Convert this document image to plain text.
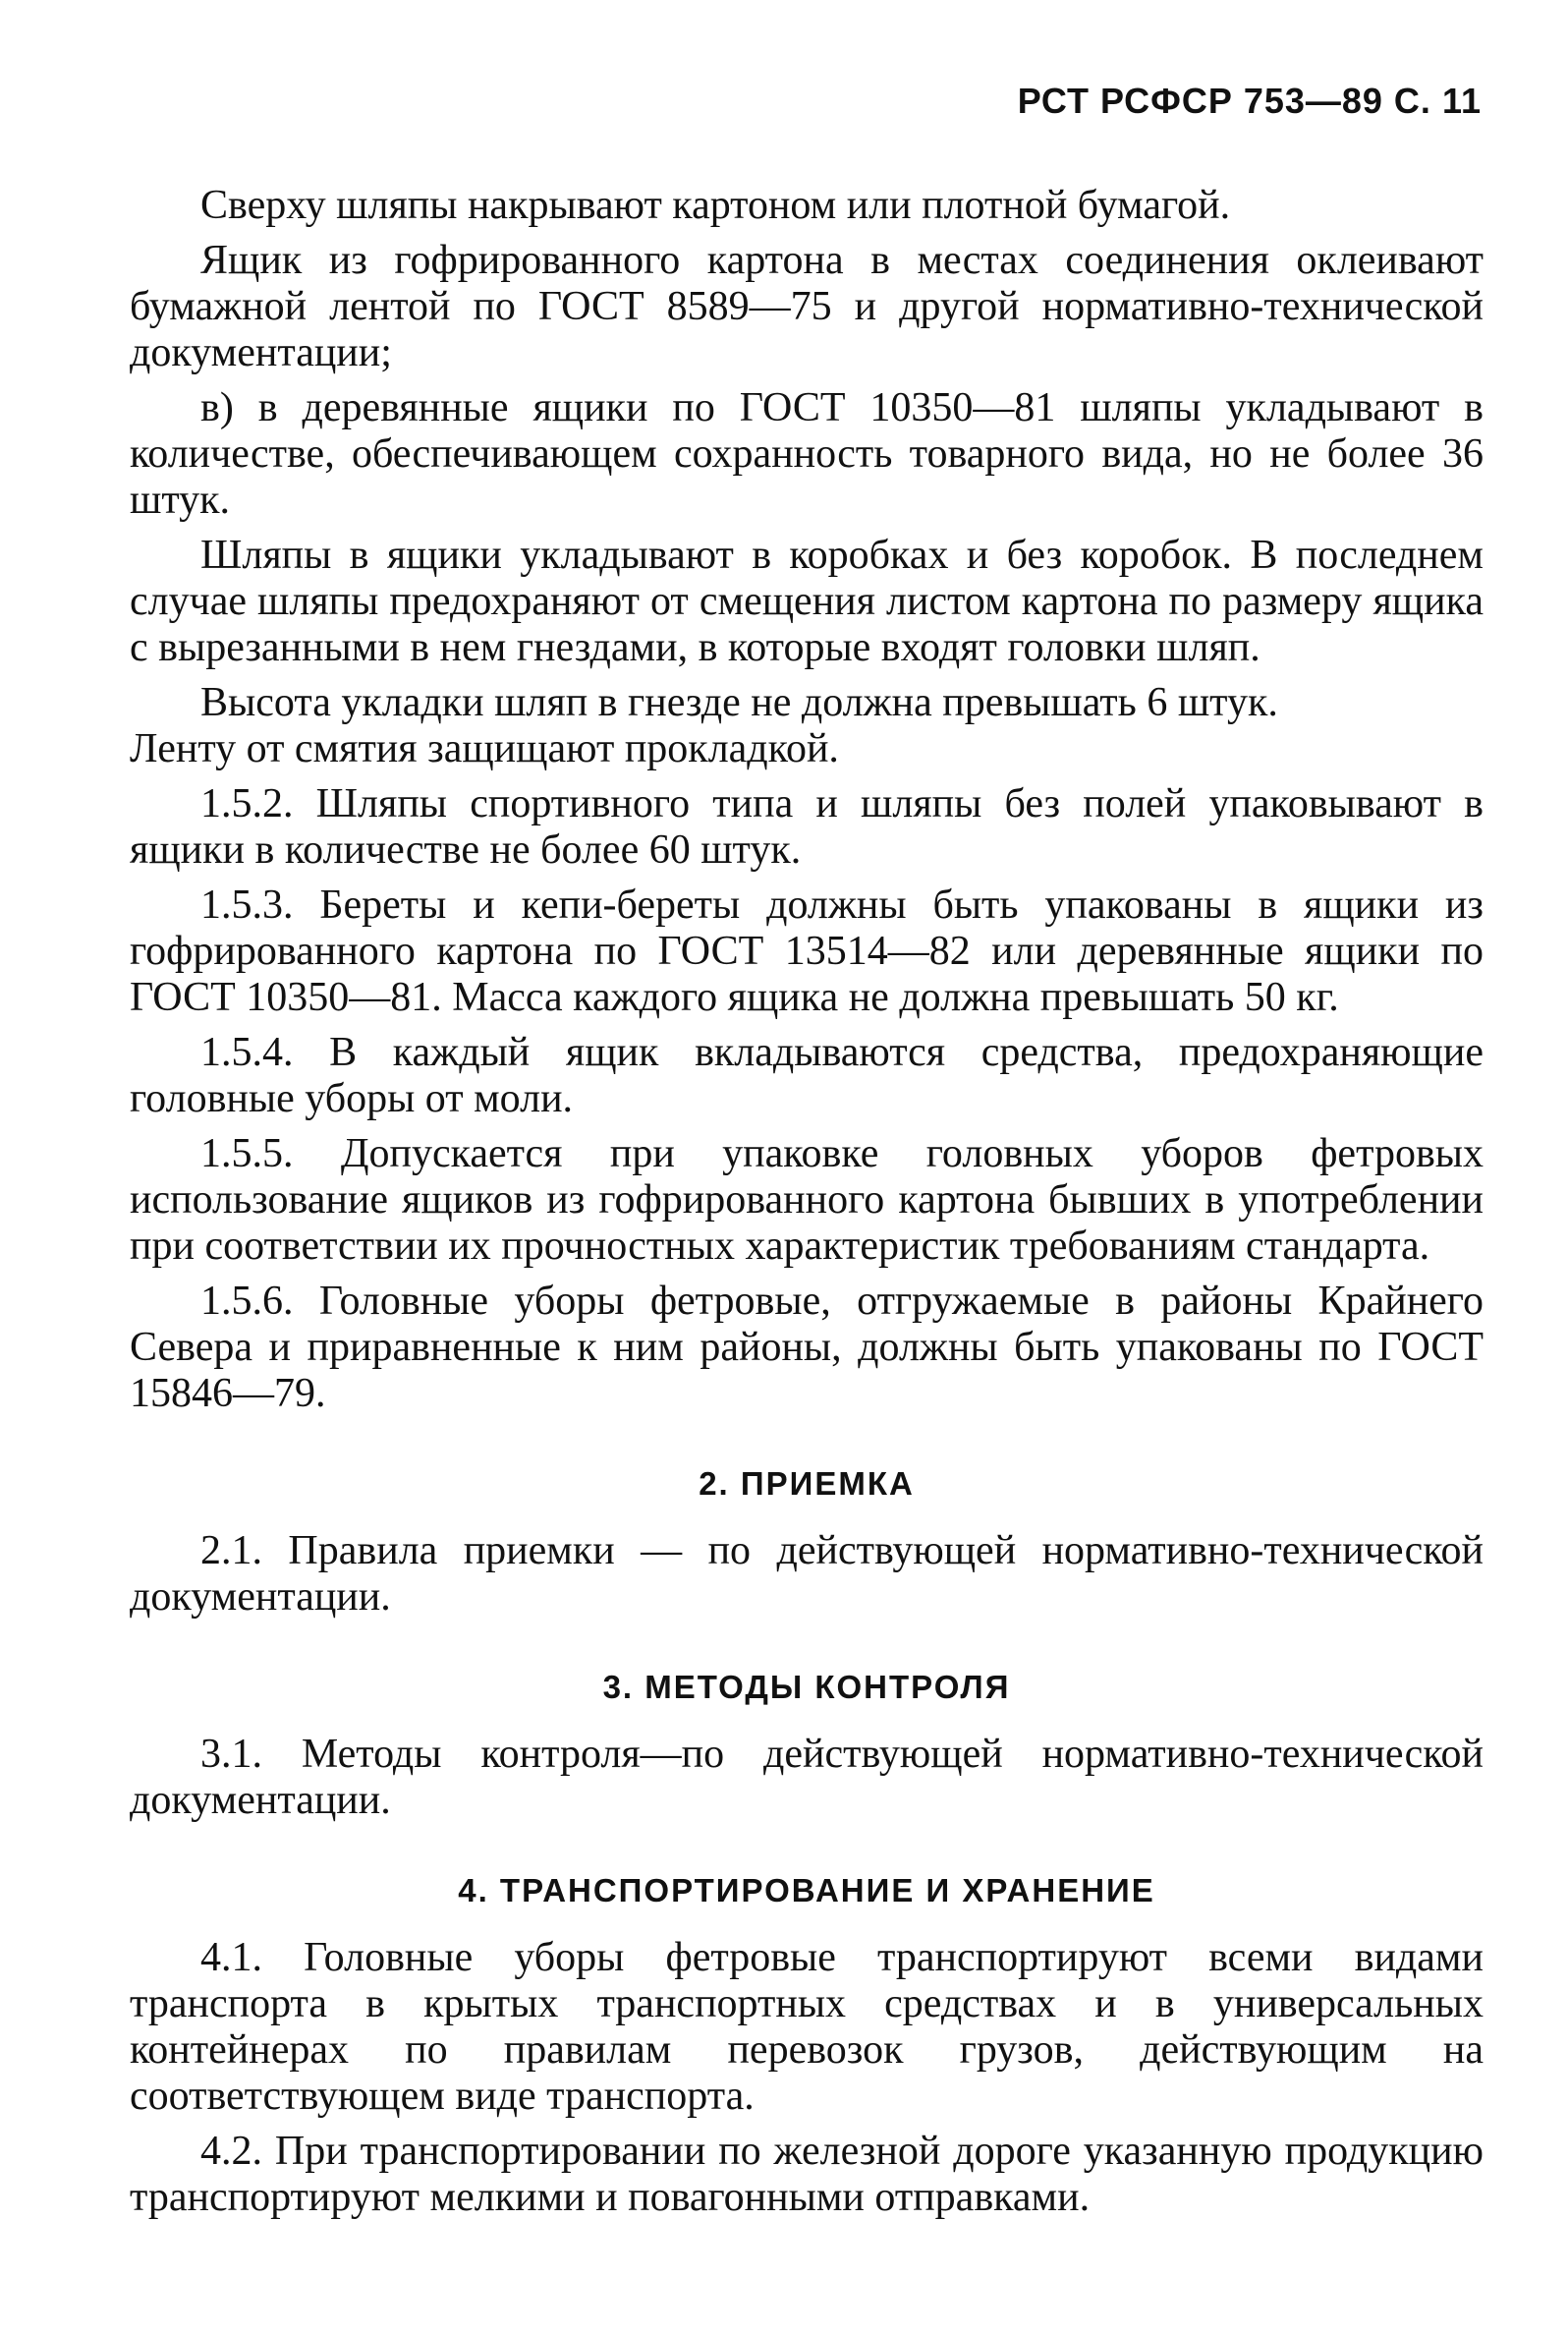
РСТ РСФСР 753—89 С. 11

Сверху шляпы накрывают картоном или плотной бумагой.

Ящик из гофрированного картона в местах соединения оклеивают бумажной лентой по ГОСТ 8589—75 и другой нормативно-технической документации;

в) в деревянные ящики по ГОСТ 10350—81 шляпы укладывают в количестве, обеспечивающем сохранность товарного вида, но не более 36 штук.

Шляпы в ящики укладывают в коробках и без коробок. В последнем случае шляпы предохраняют от смещения листом картона по размеру ящика с вырезанными в нем гнездами, в которые входят головки шляп.

Высота укладки шляп в гнезде не должна превышать 6 штук.

Ленту от смятия защищают прокладкой.

1.5.2. Шляпы спортивного типа и шляпы без полей упаковывают в ящики в количестве не более 60 штук.

1.5.3. Береты и кепи-береты должны быть упакованы в ящики из гофрированного картона по ГОСТ 13514—82 или деревянные ящики по ГОСТ 10350—81. Масса каждого ящика не должна превышать 50 кг.

1.5.4. В каждый ящик вкладываются средства, предохраняющие головные уборы от моли.

1.5.5. Допускается при упаковке головных уборов фетровых использование ящиков из гофрированного картона бывших в употреблении при соответствии их прочностных характеристик требованиям стандарта.

1.5.6. Головные уборы фетровые, отгружаемые в районы Крайнего Севера и приравненные к ним районы, должны быть упакованы по ГОСТ 15846—79.

2. ПРИЕМКА

2.1. Правила приемки — по действующей нормативно-технической документации.

3. МЕТОДЫ КОНТРОЛЯ

3.1. Методы контроля—по действующей нормативно-технической документации.

4. ТРАНСПОРТИРОВАНИЕ И ХРАНЕНИЕ

4.1. Головные уборы фетровые транспортируют всеми видами транспорта в крытых транспортных средствах и в универсальных контейнерах по правилам перевозок грузов, действующим на соответствующем виде транспорта.

4.2. При транспортировании по железной дороге указанную продукцию транспортируют мелкими и повагонными отправками.
